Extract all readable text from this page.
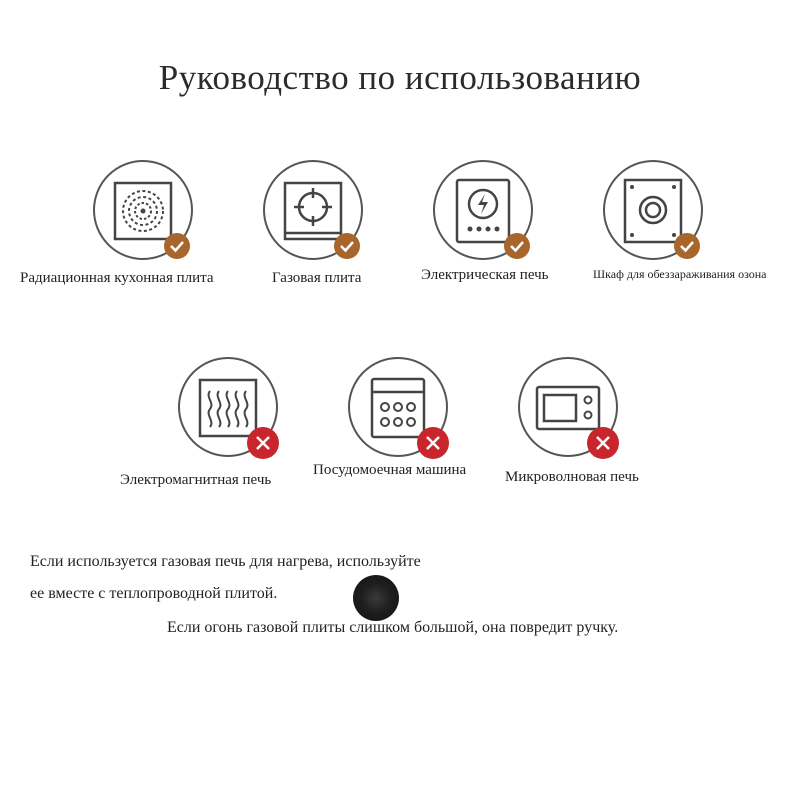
Руководство по использованию
Радиационная кухонная плита	Газовая плита	Электрическая печь	Шкаф для обеззараживания озона
Электромагнитная печь
Посудомоечная машина	Микроволновая печь
Если используется газовая печь для нагрева, используйте
ее вместе с теплопроводной плитой.
Если огонь газовой плиты слишком большой, она повредит ручку.
